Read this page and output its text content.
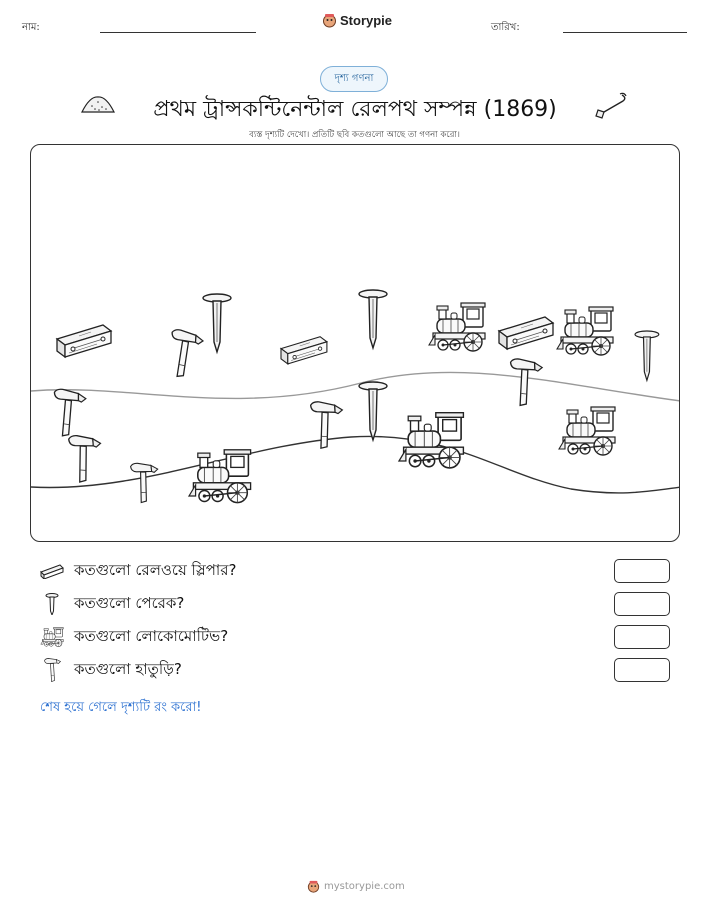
নাম:	Storypie	তারিখ:
দৃশ্য গণনা
প্রথম ট্রান্সকন্টিনেন্টাল রেলপথ সম্পন্ন (1869)
ব্যস্ত দৃশ্যটি দেখো। প্রতিটি ছবি কতগুলো আছে তা গণনা করো।
কতগুলো রেলওয়ে স্লিপার?
কতগুলো পেরেক?
কতগুলো লোকোমোটিভ?
কতগুলো হাতুড়ি?
শেষ হয়ে গেলে দৃশ্যটি রং করো!
mystorypie.com
